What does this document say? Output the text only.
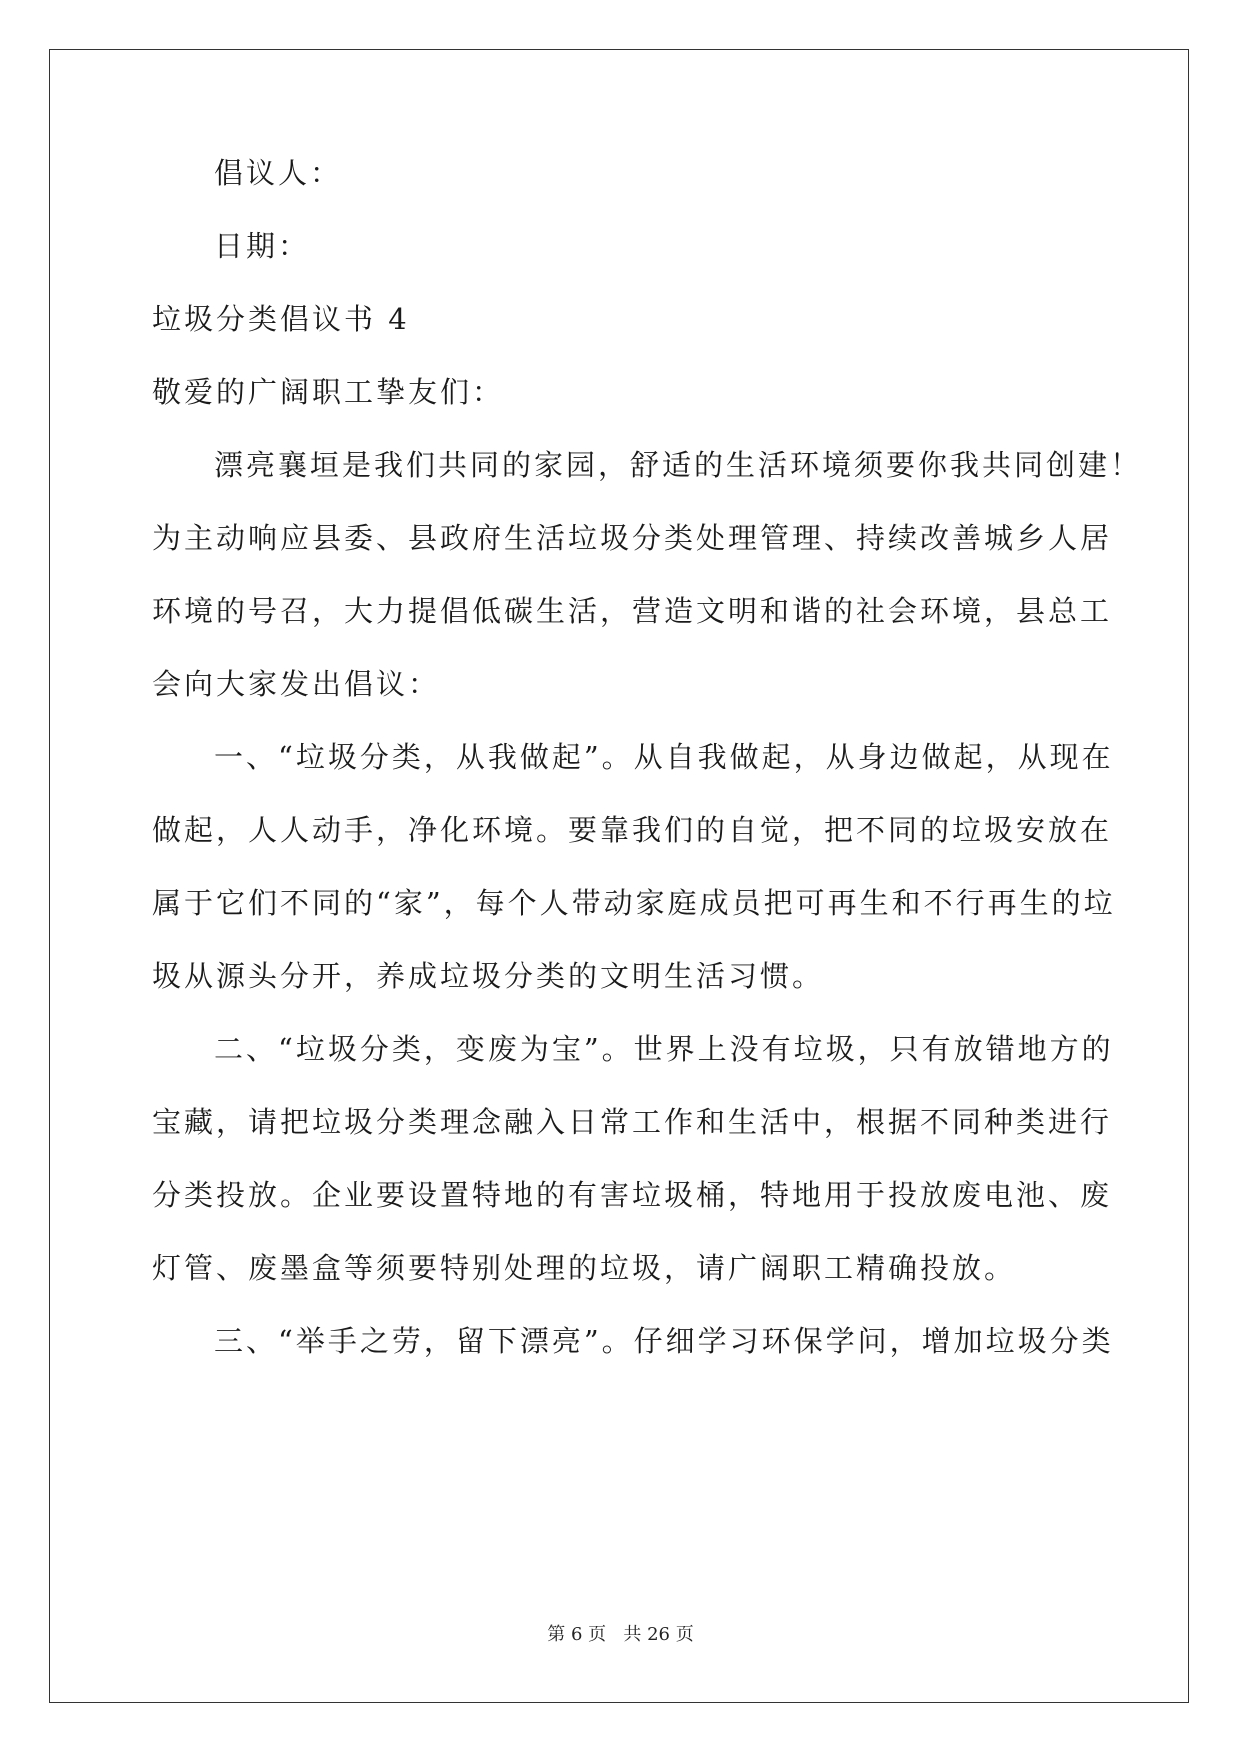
倡议人：
日期：
垃圾分类倡议书 4
敬爱的广阔职工挚友们：
漂亮襄垣是我们共同的家园，舒适的生活环境须要你我共同创建！
为主动响应县委、县政府生活垃圾分类处理管理、持续改善城乡人居
环境的号召，大力提倡低碳生活，营造文明和谐的社会环境，县总工
会向大家发出倡议：
一、“垃圾分类，从我做起”。从自我做起，从身边做起，从现在
做起，人人动手，净化环境。要靠我们的自觉，把不同的垃圾安放在
属于它们不同的“家”，每个人带动家庭成员把可再生和不行再生的垃
圾从源头分开，养成垃圾分类的文明生活习惯。
二、“垃圾分类，变废为宝”。世界上没有垃圾，只有放错地方的
宝藏，请把垃圾分类理念融入日常工作和生活中，根据不同种类进行
分类投放。企业要设置特地的有害垃圾桶，特地用于投放废电池、废
灯管、废墨盒等须要特别处理的垃圾，请广阔职工精确投放。
三、“举手之劳，留下漂亮”。仔细学习环保学问，增加垃圾分类
第 6 页   共 26 页
